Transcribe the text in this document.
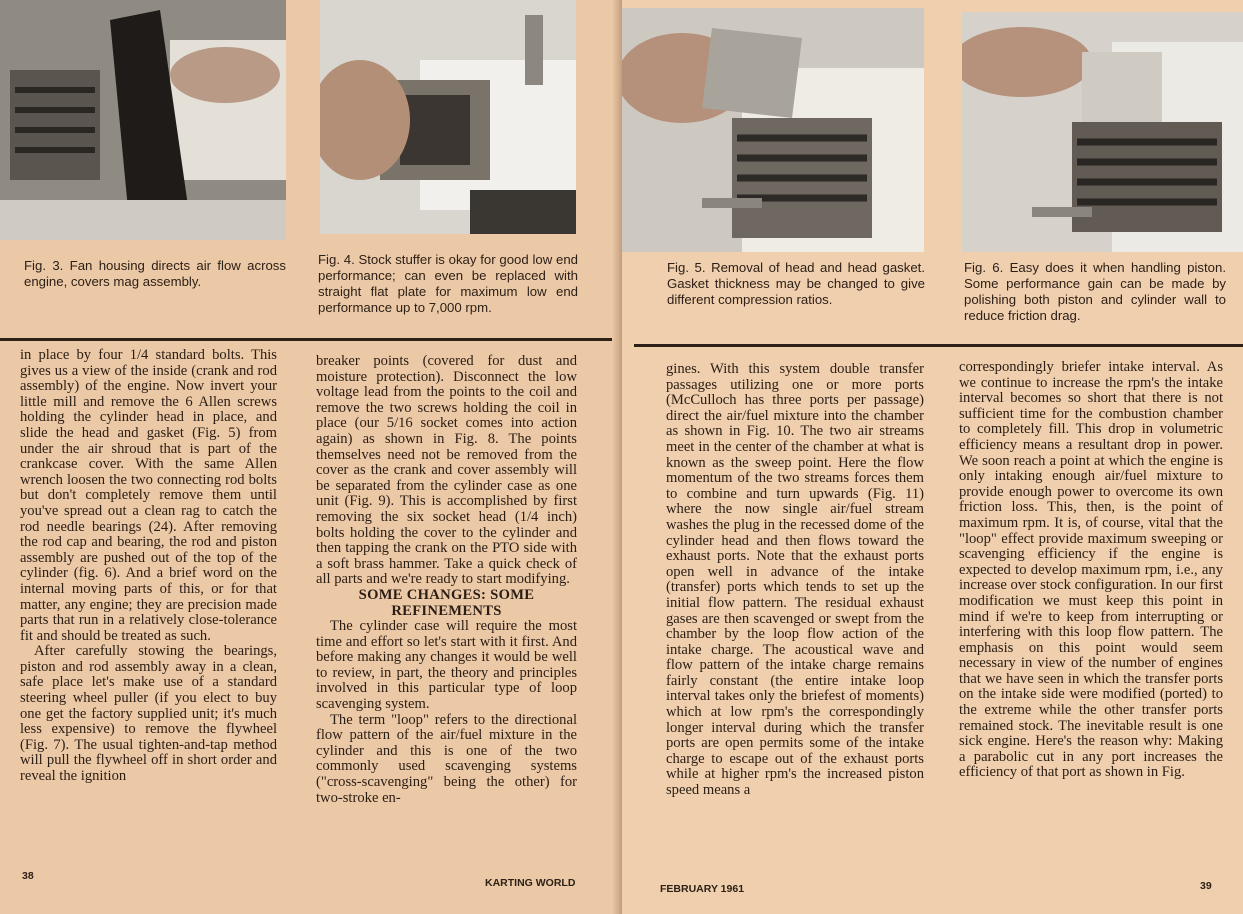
Fig. 3. Fan housing directs air flow across engine, covers mag assembly.
Fig. 4. Stock stuffer is okay for good low end performance; can even be replaced with straight flat plate for maximum low end performance up to 7,000 rpm.

in place by four 1/4 standard bolts. This gives us a view of the inside (crank and rod assembly) of the engine. Now invert your little mill and remove the 6 Allen screws holding the cylinder head in place, and slide the head and gasket (Fig. 5) from under the air shroud that is part of the crankcase cover. With the same Allen wrench loosen the two connecting rod bolts but don't completely remove them until you've spread out a clean rag to catch the rod needle bearings (24). After removing the rod cap and bearing, the rod and piston assembly are pushed out of the top of the cylinder (fig. 6). And a brief word on the internal moving parts of this, or for that matter, any engine; they are precision made parts that run in a relatively close-tolerance fit and should be treated as such.

After carefully stowing the bearings, piston and rod assembly away in a clean, safe place let's make use of a standard steering wheel puller (if you elect to buy one get the factory supplied unit; it's much less expensive) to remove the flywheel (Fig. 7). The usual tighten-and-tap method will pull the flywheel off in short order and reveal the ignition

breaker points (covered for dust and moisture protection). Disconnect the low voltage lead from the points to the coil and remove the two screws holding the coil in place (our 5/16 socket comes into action again) as shown in Fig. 8. The points themselves need not be removed from the cover as the crank and cover assembly will be separated from the cylinder case as one unit (Fig. 9). This is accomplished by first removing the six socket head (1/4 inch) bolts holding the cover to the cylinder and then tapping the crank on the PTO side with a soft brass hammer. Take a quick check of all parts and we're ready to start modifying.

SOME CHANGES: SOME REFINEMENTS

The cylinder case will require the most time and effort so let's start with it first. And before making any changes it would be well to review, in part, the theory and principles involved in this particular type of loop scavenging system.

The term "loop" refers to the directional flow pattern of the air/fuel mixture in the cylinder and this is one of the two commonly used scavenging systems ("cross-scavenging" being the other) for two-stroke en-

38
KARTING WORLD
Fig. 5. Removal of head and head gasket. Gasket thickness may be changed to give different compression ratios.
Fig. 6. Easy does it when handling piston. Some performance gain can be made by polishing both piston and cylinder wall to reduce friction drag.

gines. With this system double transfer passages utilizing one or more ports (McCulloch has three ports per passage) direct the air/fuel mixture into the chamber as shown in Fig. 10. The two air streams meet in the center of the chamber at what is known as the sweep point. Here the flow momentum of the two streams forces them to combine and turn upwards (Fig. 11) where the now single air/fuel stream washes the plug in the recessed dome of the cylinder head and then flows toward the exhaust ports. Note that the exhaust ports open well in advance of the intake (transfer) ports which tends to set up the initial flow pattern. The residual exhaust gases are then scavenged or swept from the chamber by the loop flow action of the intake charge. The acoustical wave and flow pattern of the intake charge remains fairly constant (the entire intake loop interval takes only the briefest of moments) which at low rpm's the correspondingly longer interval during which the transfer ports are open permits some of the intake charge to escape out of the exhaust ports while at higher rpm's the increased piston speed means a

correspondingly briefer intake interval. As we continue to increase the rpm's the intake interval becomes so short that there is not sufficient time for the combustion chamber to completely fill. This drop in volumetric efficiency means a resultant drop in power. We soon reach a point at which the engine is only intaking enough air/fuel mixture to provide enough power to overcome its own friction loss. This, then, is the point of maximum rpm. It is, of course, vital that the "loop" effect provide maximum sweeping or scavenging efficiency if the engine is expected to develop maximum rpm, i.e., any increase over stock configuration. In our first modification we must keep this point in mind if we're to keep from interrupting or interfering with this loop flow pattern. The emphasis on this point would seem necessary in view of the number of engines that we have seen in which the transfer ports on the intake side were modified (ported) to the extreme while the other transfer ports remained stock. The inevitable result is one sick engine. Here's the reason why: Making a parabolic cut in any port increases the efficiency of that port as shown in Fig.

FEBRUARY 1961	39
